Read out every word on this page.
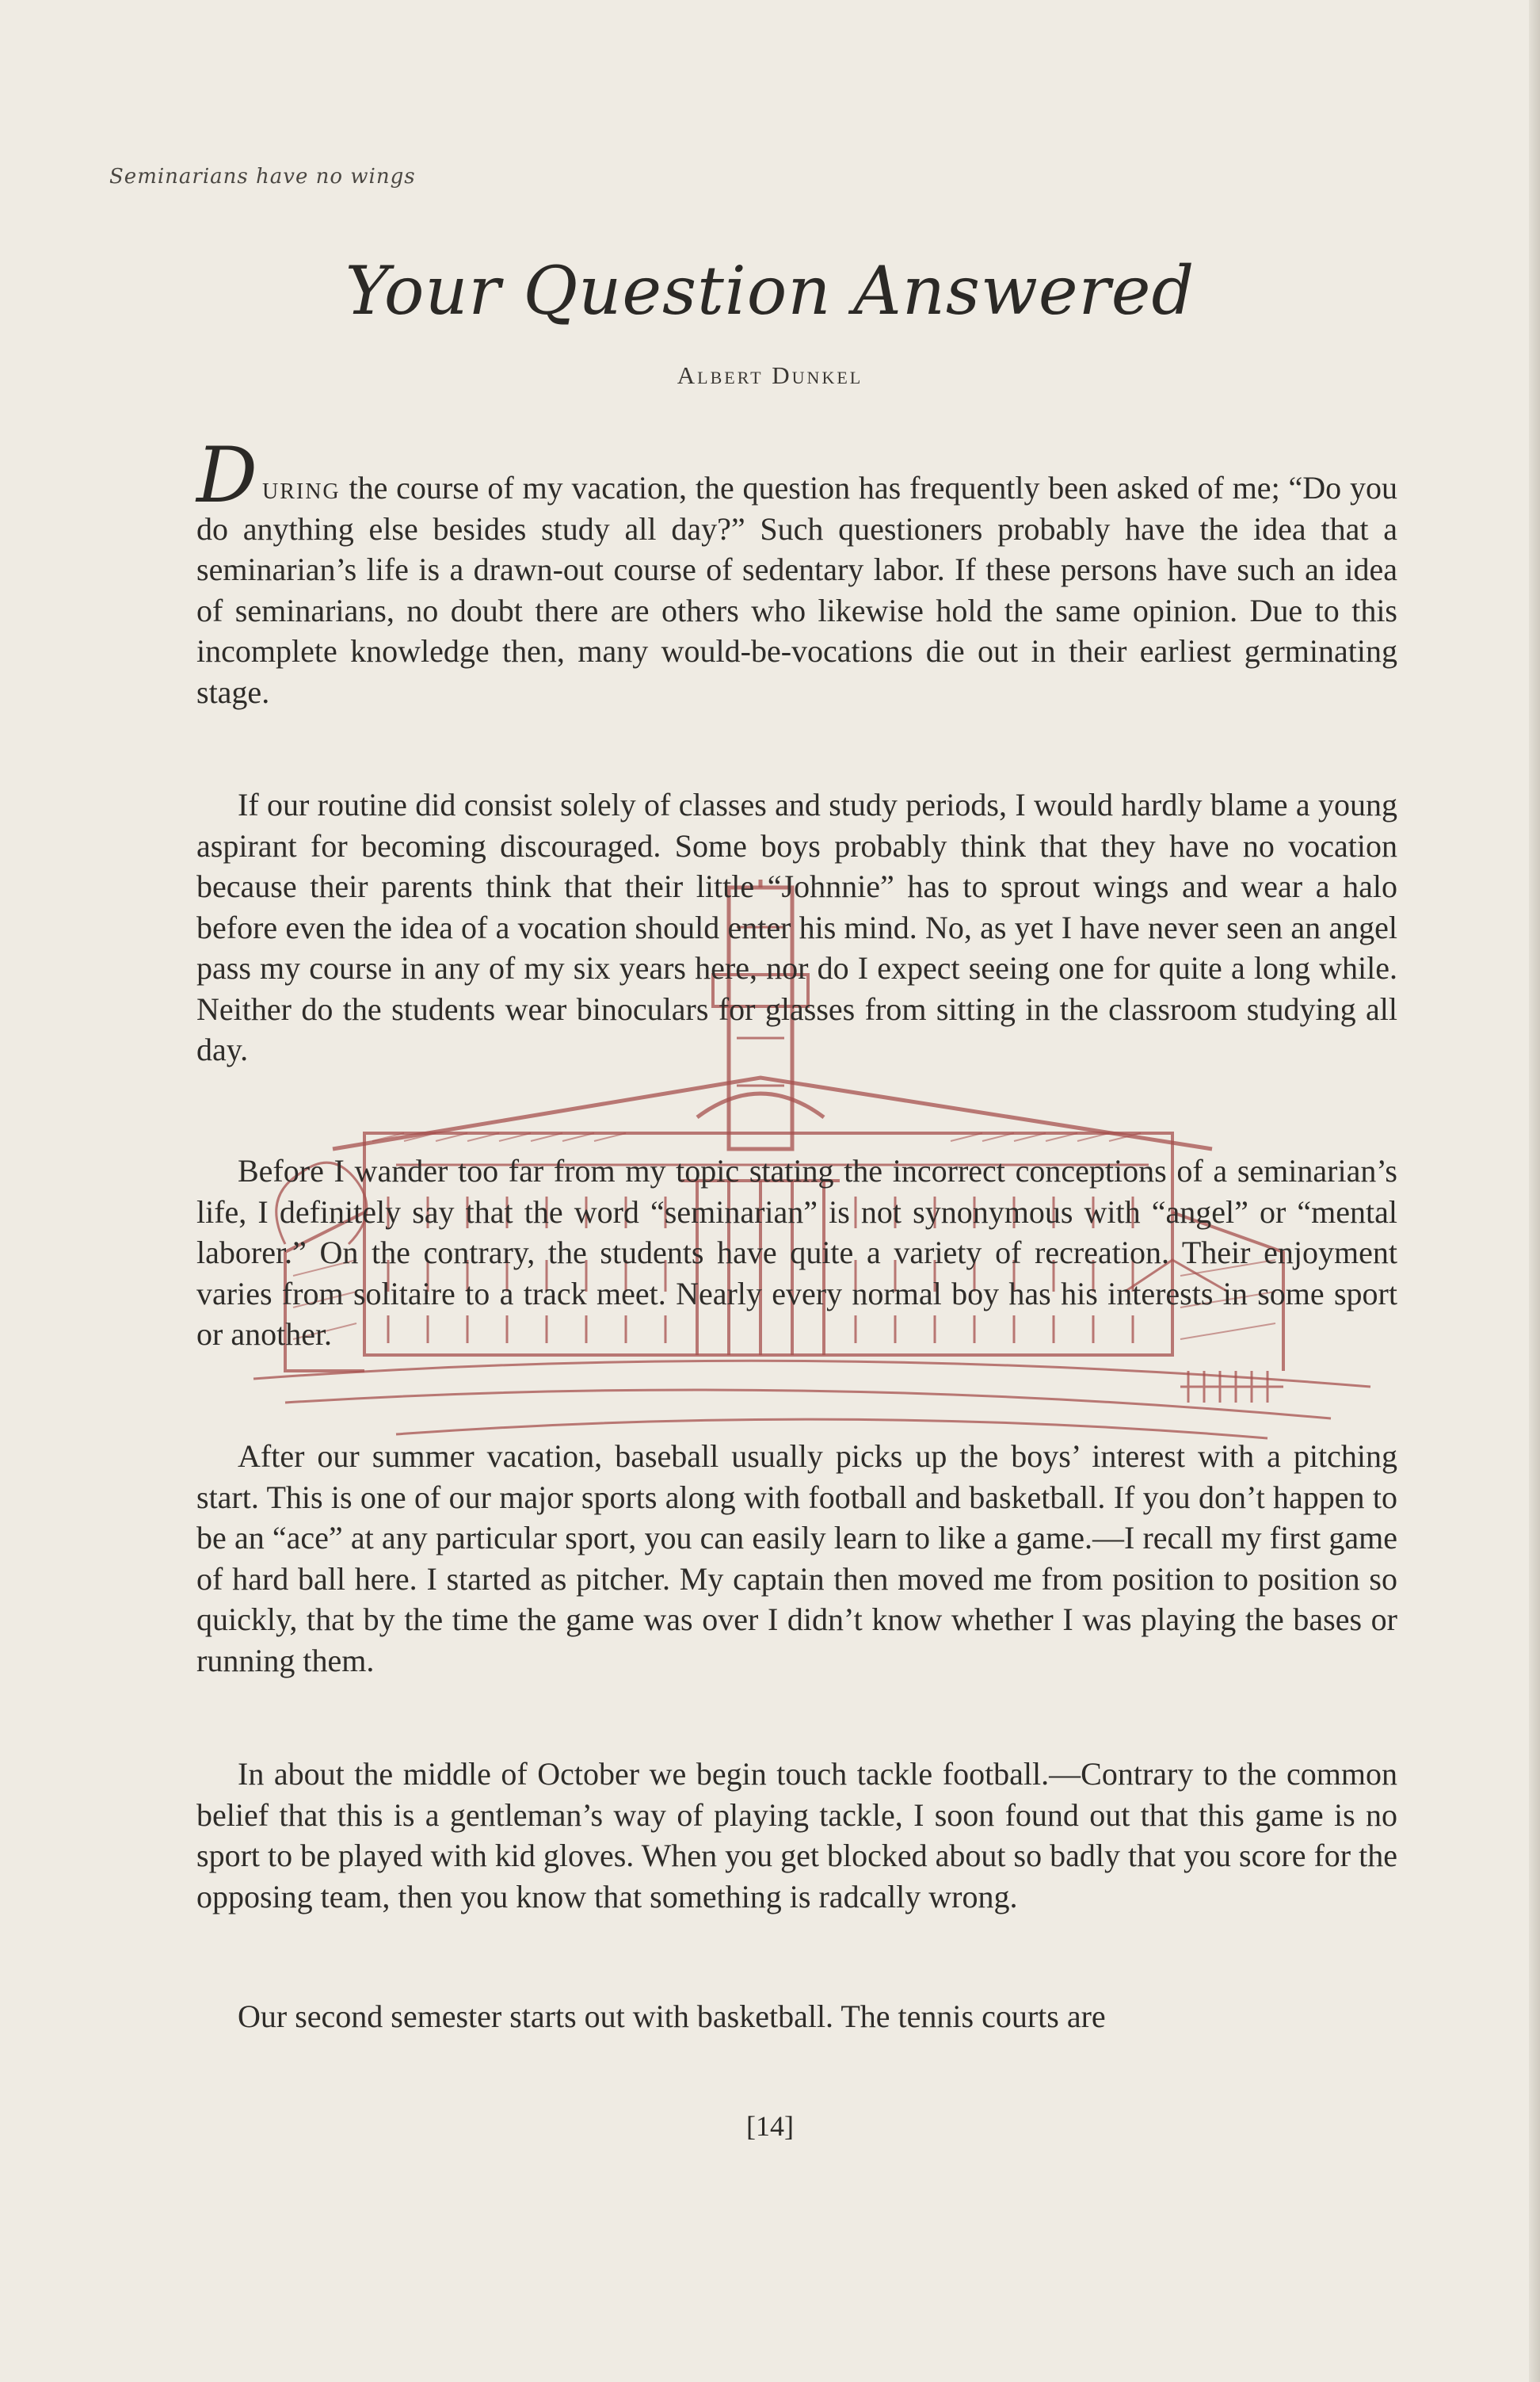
Seminarians have no wings
Your Question Answered
Albert Dunkel

During the course of my vacation, the question has frequently been asked of me; “Do you do anything else besides study all day?” Such questioners probably have the idea that a seminarian’s life is a drawn-out course of sedentary labor. If these persons have such an idea of seminarians, no doubt there are others who likewise hold the same opinion. Due to this incomplete knowledge then, many would-be-vocations die out in their earliest germinating stage.

If our routine did consist solely of classes and study periods, I would hardly blame a young aspirant for becoming discouraged. Some boys probably think that they have no vocation because their parents think that their little “Johnnie” has to sprout wings and wear a halo before even the idea of a vocation should enter his mind. No, as yet I have never seen an angel pass my course in any of my six years here, nor do I expect seeing one for quite a long while. Neither do the students wear binoculars for glasses from sitting in the classroom studying all day.

Before I wander too far from my topic stating the incorrect conceptions of a seminarian’s life, I definitely say that the word “seminarian” is not synonymous with “angel” or “mental laborer.” On the contrary, the students have quite a variety of recreation. Their enjoyment varies from solitaire to a track meet. Nearly every normal boy has his interests in some sport or another.

After our summer vacation, baseball usually picks up the boys’ interest with a pitching start. This is one of our major sports along with football and basketball. If you don’t happen to be an “ace” at any particular sport, you can easily learn to like a game.—I recall my first game of hard ball here. I started as pitcher. My captain then moved me from position to position so quickly, that by the time the game was over I didn’t know whether I was playing the bases or running them.

In about the middle of October we begin touch tackle football.—Contrary to the common belief that this is a gentleman’s way of playing tackle, I soon found out that this game is no sport to be played with kid gloves. When you get blocked about so badly that you score for the opposing team, then you know that something is radcally wrong.

Our second semester starts out with basketball. The tennis courts are

[14]
